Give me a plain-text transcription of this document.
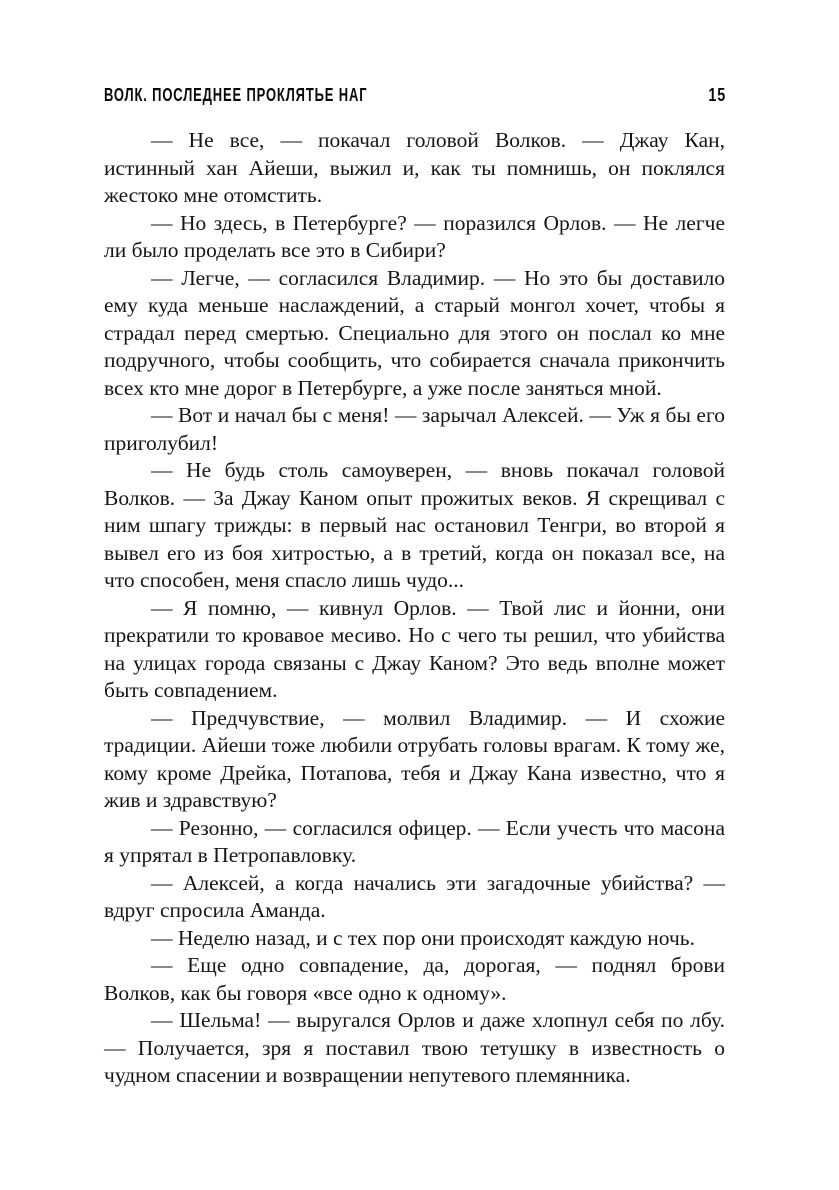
ВОЛК. ПОСЛЕДНЕЕ ПРОКЛЯТЬЕ НАГ	15

— Не все, — покачал головой Волков. — Джау Кан, истинный хан Айеши, выжил и, как ты помнишь, он поклялся жестоко мне отомстить.

— Но здесь, в Петербурге? — поразился Орлов. — Не легче ли было проделать все это в Сибири?

— Легче, — согласился Владимир. — Но это бы доставило ему куда меньше наслаждений, а старый монгол хочет, чтобы я страдал перед смертью. Специально для этого он послал ко мне подручного, чтобы сообщить, что собирается сначала прикончить всех кто мне дорог в Петербурге, а уже после заняться мной.

— Вот и начал бы с меня! — зарычал Алексей. — Уж я бы его приголубил!

— Не будь столь самоуверен, — вновь покачал головой Волков. — За Джау Каном опыт прожитых веков. Я скрещивал с ним шпагу трижды: в первый нас остановил Тенгри, во второй я вывел его из боя хитростью, а в третий, когда он показал все, на что способен, меня спасло лишь чудо...

— Я помню, — кивнул Орлов. — Твой лис и йонни, они прекратили то кровавое месиво. Но с чего ты решил, что убийства на улицах города связаны с Джау Каном? Это ведь вполне может быть совпадением.

— Предчувствие, — молвил Владимир. — И схожие традиции. Айеши тоже любили отрубать головы врагам. К тому же, кому кроме Дрейка, Потапова, тебя и Джау Кана известно, что я жив и здравствую?

— Резонно, — согласился офицер. — Если учесть что масона я упрятал в Петропавловку.

— Алексей, а когда начались эти загадочные убийства? — вдруг спросила Аманда.

— Неделю назад, и с тех пор они происходят каждую ночь.

— Еще одно совпадение, да, дорогая, — поднял брови Волков, как бы говоря «все одно к одному».

— Шельма! — выругался Орлов и даже хлопнул себя по лбу. — Получается, зря я поставил твою тетушку в известность о чудном спасении и возвращении непутевого племянника.
